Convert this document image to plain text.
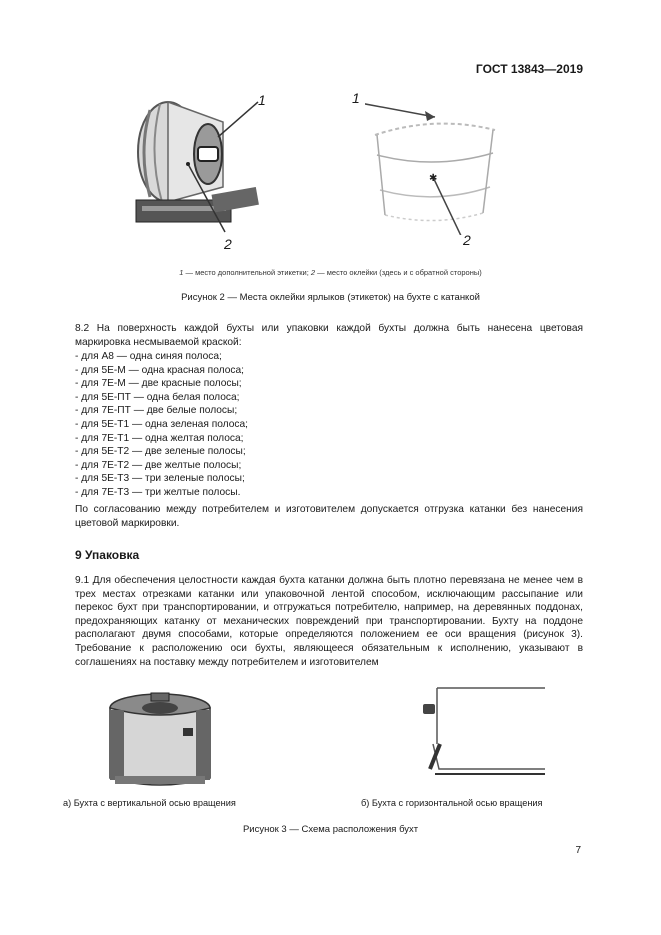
ГОСТ 13843—2019
1
2
✱
1
2
1 — место дополнительной этикетки; 2 — место оклейки (здесь и с обратной стороны)
Рисунок 2 — Места оклейки ярлыков (этикеток) на бухте с катанкой
8.2 На поверхность каждой бухты или упаковки каждой бухты должна быть нанесена цветовая маркировка несмываемой краской:
- для А8 — одна синяя полоса;
- для 5Е-М — одна красная полоса;
- для 7Е-М — две красные полосы;
- для 5Е-ПТ — одна белая полоса;
- для 7Е-ПТ — две белые полосы;
- для 5Е-Т1 — одна зеленая полоса;
- для 7Е-Т1 — одна желтая полоса;
- для 5Е-Т2 — две зеленые полосы;
- для 7Е-Т2 — две желтые полосы;
- для 5Е-Т3 — три зеленые полосы;
- для 7Е-Т3 — три желтые полосы.
По согласованию между потребителем и изготовителем допускается отгрузка катанки без нанесения цветовой маркировки.
9 Упаковка
9.1 Для обеспечения целостности каждая бухта катанки должна быть плотно перевязана не менее чем в трех местах отрезками катанки или упаковочной лентой способом, исключающим рассыпание или перекос бухт при транспортировании, и отгружаться потребителю, например, на деревянных поддонах, предохраняющих катанку от механических повреждений при транспортировании. Бухту на поддоне располагают двумя способами, которые определяются положением ее оси вращения (рисунок 3). Требование к расположению оси бухты, являющееся обязательным к исполнению, указывают в соглашениях на поставку между потребителем и изготовителем
а) Бухта с вертикальной осью вращения	б) Бухта с горизонтальной осью вращения
Рисунок 3 — Схема расположения бухт
7
